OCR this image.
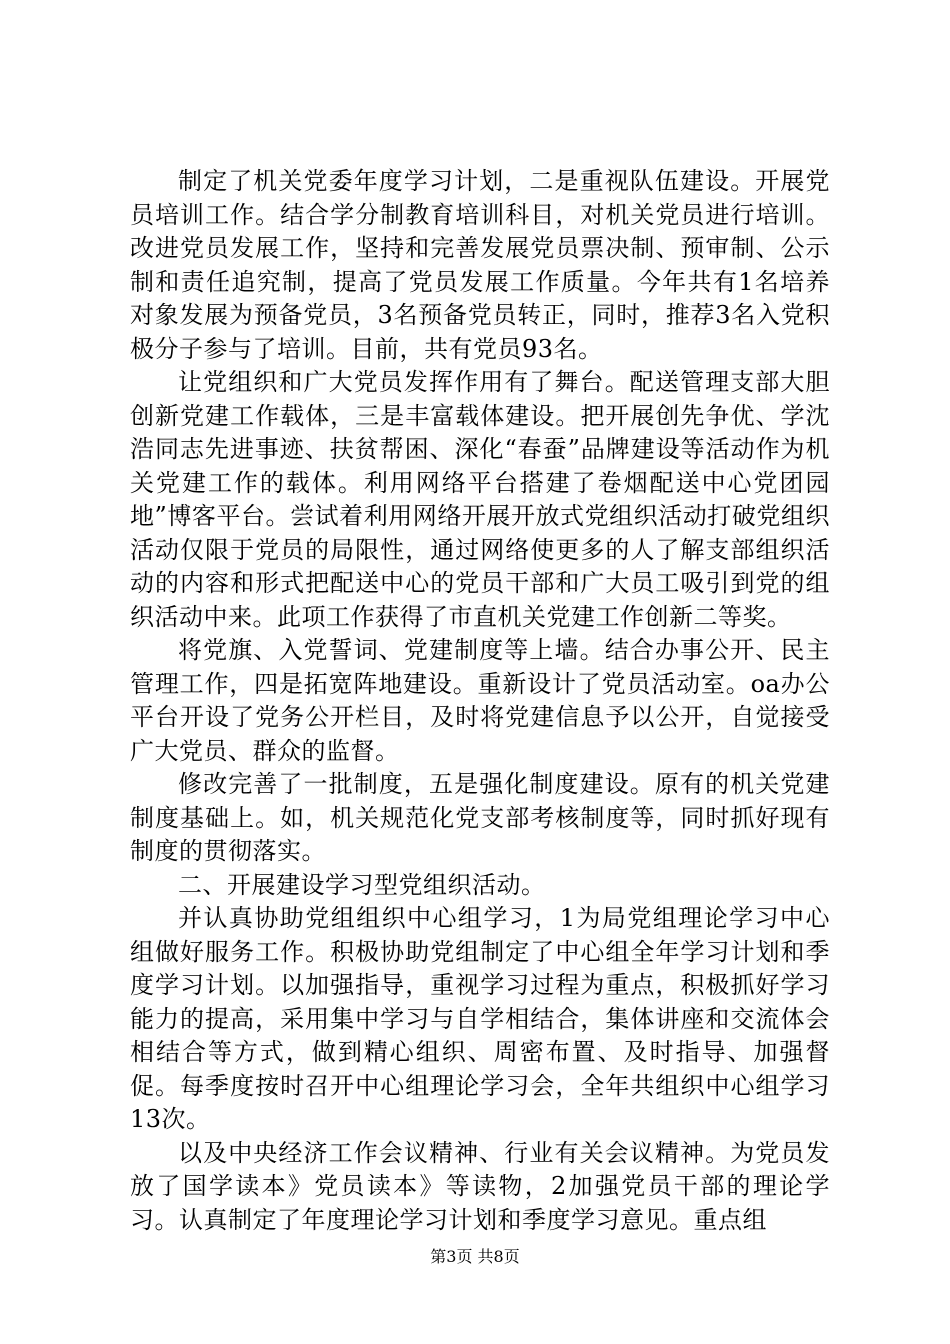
制定了机关党委年度学习计划，二是重视队伍建设。开展党员培训工作。结合学分制教育培训科目，对机关党员进行培训。改进党员发展工作，坚持和完善发展党员票决制、预审制、公示制和责任追究制，提高了党员发展工作质量。今年共有1名培养对象发展为预备党员，3名预备党员转正，同时，推荐3名入党积极分子参与了培训。目前，共有党员93名。

让党组织和广大党员发挥作用有了舞台。配送管理支部大胆创新党建工作载体，三是丰富载体建设。把开展创先争优、学沈浩同志先进事迹、扶贫帮困、深化“春蚕”品牌建设等活动作为机关党建工作的载体。利用网络平台搭建了卷烟配送中心党团园地”博客平台。尝试着利用网络开展开放式党组织活动打破党组织活动仅限于党员的局限性，通过网络使更多的人了解支部组织活动的内容和形式把配送中心的党员干部和广大员工吸引到党的组织活动中来。此项工作获得了市直机关党建工作创新二等奖。

将党旗、入党誓词、党建制度等上墙。结合办事公开、民主管理工作，四是拓宽阵地建设。重新设计了党员活动室。oa办公平台开设了党务公开栏目，及时将党建信息予以公开，自觉接受广大党员、群众的监督。

修改完善了一批制度，五是强化制度建设。原有的机关党建制度基础上。如，机关规范化党支部考核制度等，同时抓好现有制度的贯彻落实。

二、开展建设学习型党组织活动。

并认真协助党组组织中心组学习，1为局党组理论学习中心组做好服务工作。积极协助党组制定了中心组全年学习计划和季度学习计划。以加强指导，重视学习过程为重点，积极抓好学习能力的提高，采用集中学习与自学相结合，集体讲座和交流体会相结合等方式，做到精心组织、周密布置、及时指导、加强督促。每季度按时召开中心组理论学习会，全年共组织中心组学习13次。

以及中央经济工作会议精神、行业有关会议精神。为党员发放了国学读本》党员读本》等读物，2加强党员干部的理论学习。认真制定了年度理论学习计划和季度学习意见。重点组

第3页 共8页
